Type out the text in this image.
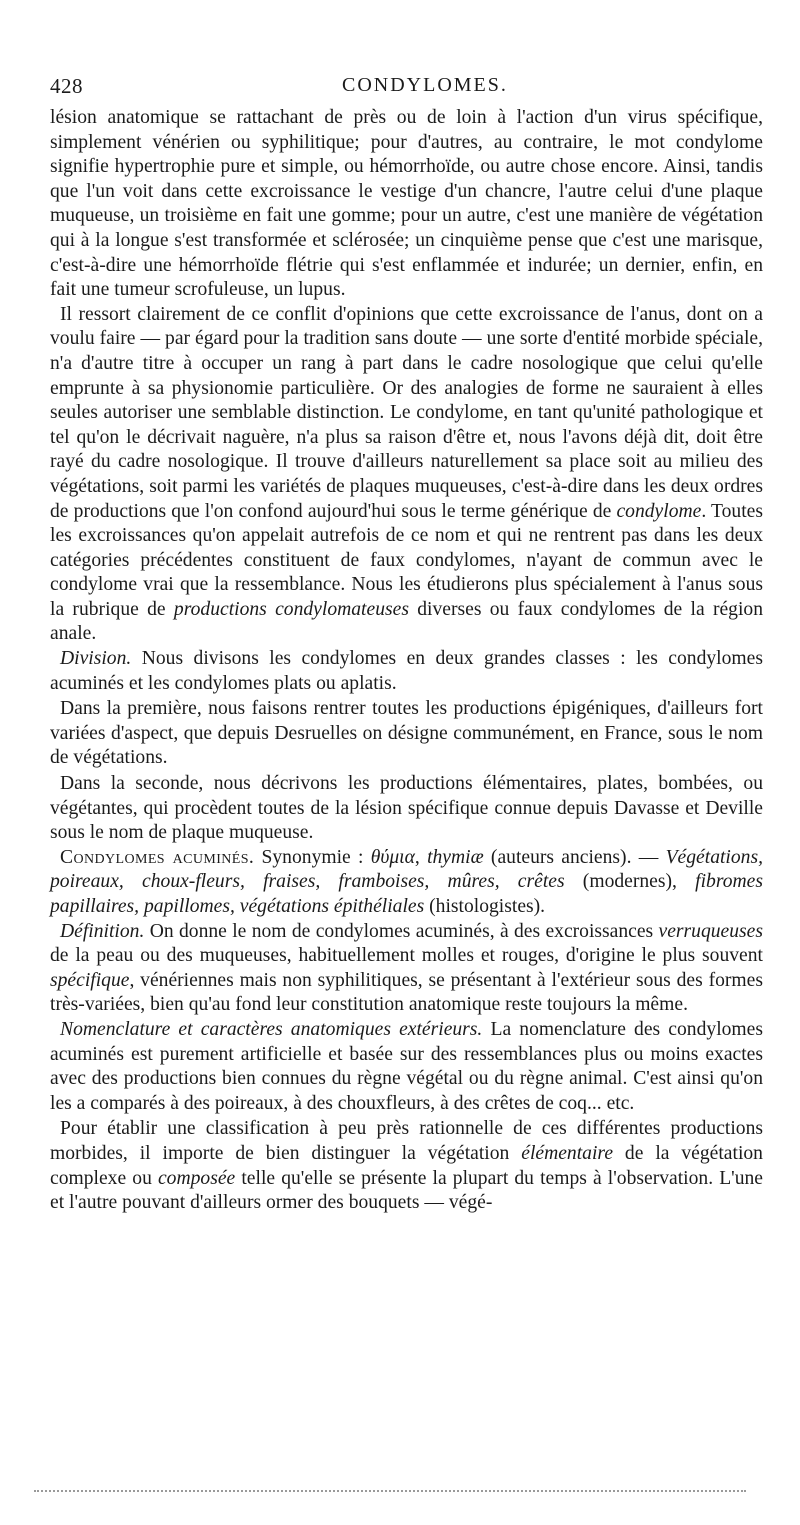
428	CONDYLOMES.

lésion anatomique se rattachant de près ou de loin à l'action d'un virus spécifique, simplement vénérien ou syphilitique; pour d'autres, au contraire, le mot condylome signifie hypertrophie pure et simple, ou hémorrhoïde, ou autre chose encore. Ainsi, tandis que l'un voit dans cette excroissance le vestige d'un chancre, l'autre celui d'une plaque muqueuse, un troisième en fait une gomme; pour un autre, c'est une manière de végétation qui à la longue s'est transformée et sclérosée; un cinquième pense que c'est une marisque, c'est-à-dire une hémorrhoïde flétrie qui s'est enflammée et indurée; un dernier, enfin, en fait une tumeur scrofuleuse, un lupus.

Il ressort clairement de ce conflit d'opinions que cette excroissance de l'anus, dont on a voulu faire — par égard pour la tradition sans doute — une sorte d'entité morbide spéciale, n'a d'autre titre à occuper un rang à part dans le cadre nosologique que celui qu'elle emprunte à sa physionomie particulière. Or des analogies de forme ne sauraient à elles seules autoriser une semblable distinction. Le condylome, en tant qu'unité pathologique et tel qu'on le décrivait naguère, n'a plus sa raison d'être et, nous l'avons déjà dit, doit être rayé du cadre nosologique. Il trouve d'ailleurs naturellement sa place soit au milieu des végétations, soit parmi les variétés de plaques muqueuses, c'est-à-dire dans les deux ordres de productions que l'on confond aujourd'hui sous le terme générique de condylome. Toutes les excroissances qu'on appelait autrefois de ce nom et qui ne rentrent pas dans les deux catégories précédentes constituent de faux condylomes, n'ayant de commun avec le condylome vrai que la ressemblance. Nous les étudierons plus spécialement à l'anus sous la rubrique de productions condylomateuses diverses ou faux condylomes de la région anale.

Division. Nous divisons les condylomes en deux grandes classes : les condylomes acuminés et les condylomes plats ou aplatis.

Dans la première, nous faisons rentrer toutes les productions épigéniques, d'ailleurs fort variées d'aspect, que depuis Desruelles on désigne communément, en France, sous le nom de végétations.

Dans la seconde, nous décrivons les productions élémentaires, plates, bombées, ou végétantes, qui procèdent toutes de la lésion spécifique connue depuis Davasse et Deville sous le nom de plaque muqueuse.

Condylomes acuminés. Synonymie : θύμια, thymiæ (auteurs anciens). — Végétations, poireaux, choux-fleurs, fraises, framboises, mûres, crêtes (modernes), fibromes papillaires, papillomes, végétations épithéliales (histologistes).

Définition. On donne le nom de condylomes acuminés, à des excroissances verruqueuses de la peau ou des muqueuses, habituellement molles et rouges, d'origine le plus souvent spécifique, vénériennes mais non syphilitiques, se présentant à l'extérieur sous des formes très-variées, bien qu'au fond leur constitution anatomique reste toujours la même.

Nomenclature et caractères anatomiques extérieurs. La nomenclature des condylomes acuminés est purement artificielle et basée sur des ressemblances plus ou moins exactes avec des productions bien connues du règne végétal ou du règne animal. C'est ainsi qu'on les a comparés à des poireaux, à des chouxfleurs, à des crêtes de coq... etc.

Pour établir une classification à peu près rationnelle de ces différentes productions morbides, il importe de bien distinguer la végétation élémentaire de la végétation complexe ou composée telle qu'elle se présente la plupart du temps à l'observation. L'une et l'autre pouvant d'ailleurs ormer des bouquets — végé-
